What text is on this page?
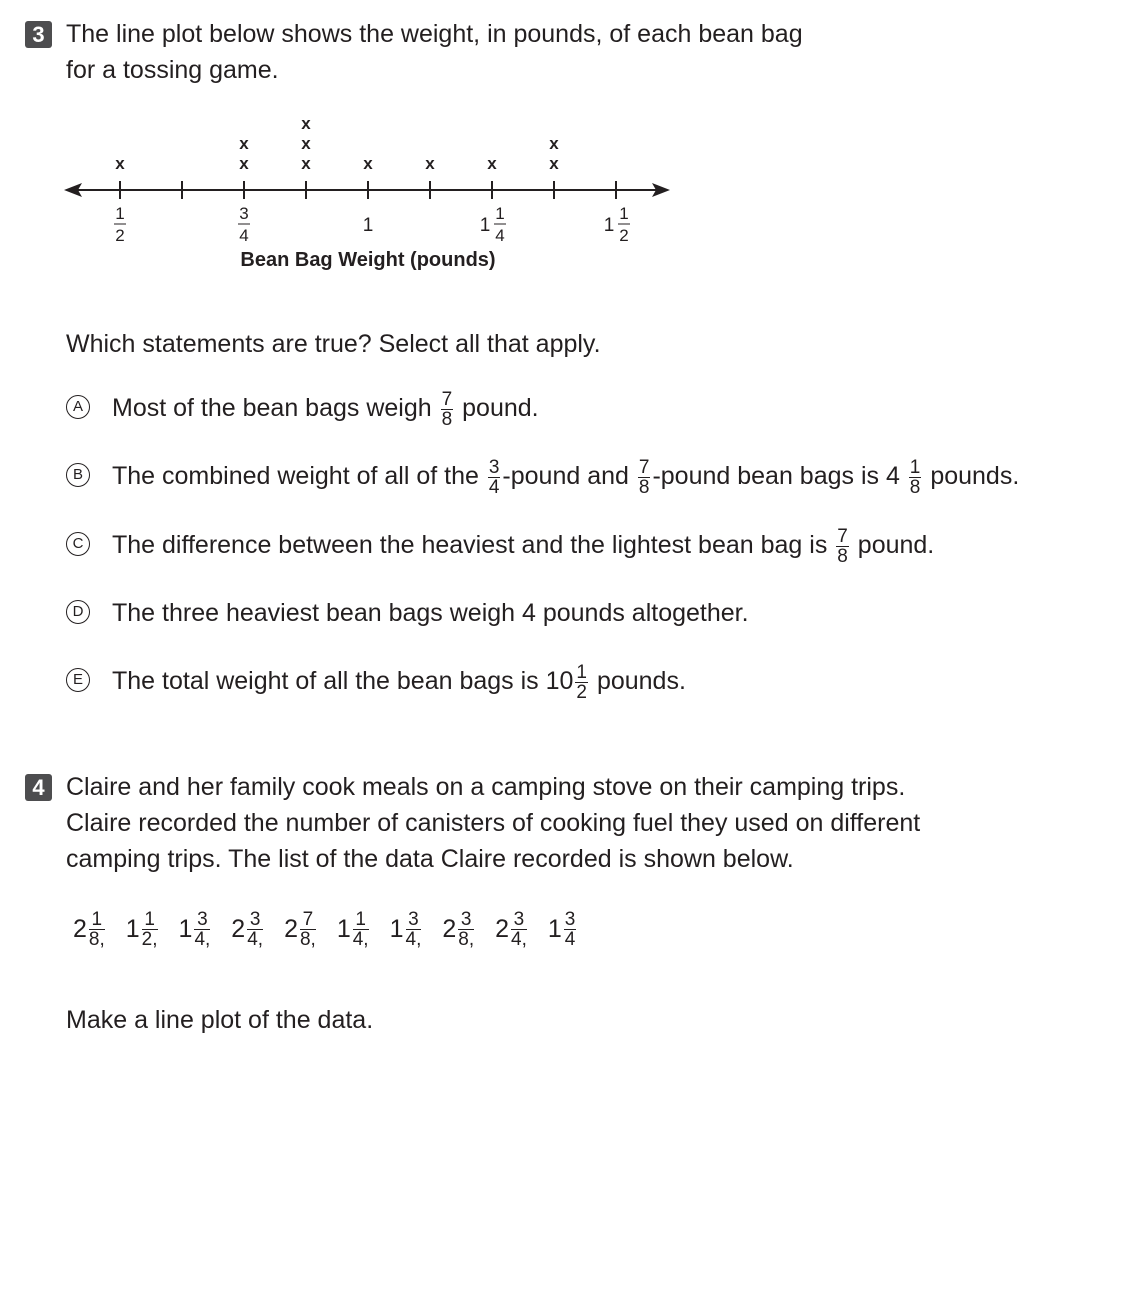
3 The line plot below shows the weight, in pounds, of each bean bag
for a tossing game.
1
2
3
4	1	1
1
4	1
1
2
x	x
x
x
x
x
x	x	x	x
x
Bean Bag Weight (pounds)
Which statements are true? Select all that apply.
A Most of the bean bags weigh $\frac{7}{8}$ pound.
B The combined weight of all of the $\frac{3}{4}$ -pound and $\frac{7}{8}$ -pound bean bags is $4 \frac{1}{8}$ pounds.
C The difference between the heaviest and the lightest bean bag is $\frac{7}{8}$ pound.
D The three heaviest bean bags weigh 4 pounds altogether.
E The total weight of all the bean bags is $10 \frac{1}{2}$ pounds.
4 Claire and her family cook meals on a camping stove on their camping trips.
Claire recorded the number of canisters of cooking fuel they used on different
camping trips. The list of the data Claire recorded is shown below.
$2 \frac{1}{8,} 1 \frac{1}{2,} 1 \frac{3}{4,} 2 \frac{3}{4,} 2 \frac{7}{8,} 1 \frac{1}{4,} 1 \frac{3}{4,} 2 \frac{3}{8,} 2 \frac{3}{4,} 1 \frac{3}{4}$
Make a line plot of the data.
